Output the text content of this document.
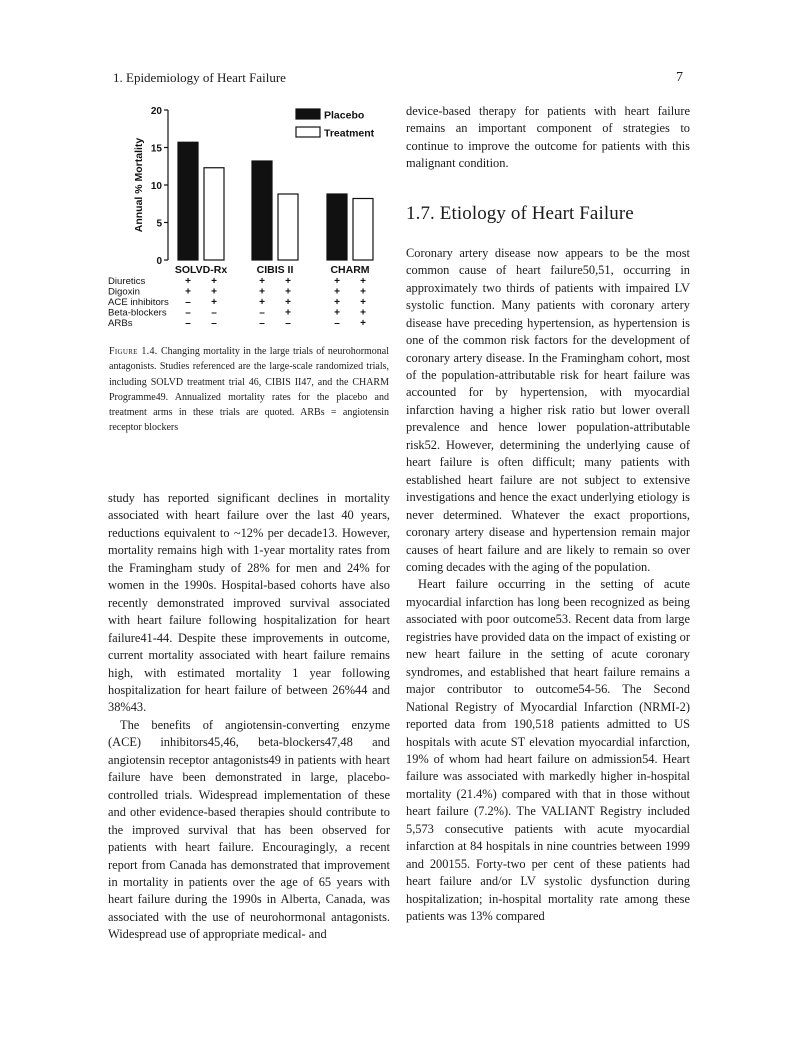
1. Epidemiology of Heart Failure	7
0
5
10
15
20
Annual % Mortality
SOLVD-Rx	CIBIS II	CHARM
Placebo
Treatment
Diuretics	+ +	+ +	+ +
Digoxin	+ +	+ +	+ +
ACE inhibitors – +	+ +	+ +
Beta-blockers – –	– +	+ +
ARBs	– –	– –	– +
Figure 1.4. Changing mortality in the large trials of neurohormonal antagonists. Studies referenced are the large-scale randomized trials, including SOLVD treatment trial 46, CIBIS II47, and the CHARM Programme49. Annualized mortality rates for the placebo and treatment arms in these trials are quoted. ARBs = angiotensin receptor blockers

study has reported significant declines in mortality associated with heart failure over the last 40 years, reductions equivalent to ~12% per decade13. However, mortality remains high with 1-year mortality rates from the Framingham study of 28% for men and 24% for women in the 1990s. Hospital-based cohorts have also recently demonstrated improved survival associated with heart failure following hospitalization for heart failure41-44. Despite these improvements in outcome, current mortality associated with heart failure remains high, with estimated mortality 1 year following hospitalization for heart failure of between 26%44 and 38%43.

The benefits of angiotensin-converting enzyme (ACE) inhibitors45,46, beta-blockers47,48 and angiotensin receptor antagonists49 in patients with heart failure have been demonstrated in large, placebo-controlled trials. Widespread implementation of these and other evidence-based therapies should contribute to the improved survival that has been observed for patients with heart failure. Encouragingly, a recent report from Canada has demonstrated that improvement in mortality in patients over the age of 65 years with heart failure during the 1990s in Alberta, Canada, was associated with the use of neurohormonal antagonists. Widespread use of appropriate medical- and

device-based therapy for patients with heart failure remains an important component of strategies to continue to improve the outcome for patients with this malignant condition.

1.7. Etiology of Heart Failure

Coronary artery disease now appears to be the most common cause of heart failure50,51, occurring in approximately two thirds of patients with impaired LV systolic function. Many patients with coronary artery disease have preceding hypertension, as hypertension is one of the common risk factors for the development of coronary artery disease. In the Framingham cohort, most of the population-attributable risk for heart failure was accounted for by hypertension, with myocardial infarction having a higher risk ratio but lower overall prevalence and hence lower population-attributable risk52. However, determining the underlying cause of heart failure is often difficult; many patients with established heart failure are not subject to extensive investigations and hence the exact underlying etiology is never determined. Whatever the exact proportions, coronary artery disease and hypertension remain major causes of heart failure and are likely to remain so over coming decades with the aging of the population.

Heart failure occurring in the setting of acute myocardial infarction has long been recognized as being associated with poor outcome53. Recent data from large registries have provided data on the impact of existing or new heart failure in the setting of acute coronary syndromes, and established that heart failure remains a major contributor to outcome54-56. The Second National Registry of Myocardial Infarction (NRMI-2) reported data from 190,518 patients admitted to US hospitals with acute ST elevation myocardial infarction, 19% of whom had heart failure on admission54. Heart failure was associated with markedly higher in-hospital mortality (21.4%) compared with that in those without heart failure (7.2%). The VALIANT Registry included 5,573 consecutive patients with acute myocardial infarction at 84 hospitals in nine countries between 1999 and 200155. Forty-two per cent of these patients had heart failure and/or LV systolic dysfunction during hospitalization; in-hospital mortality rate among these patients was 13% compared
